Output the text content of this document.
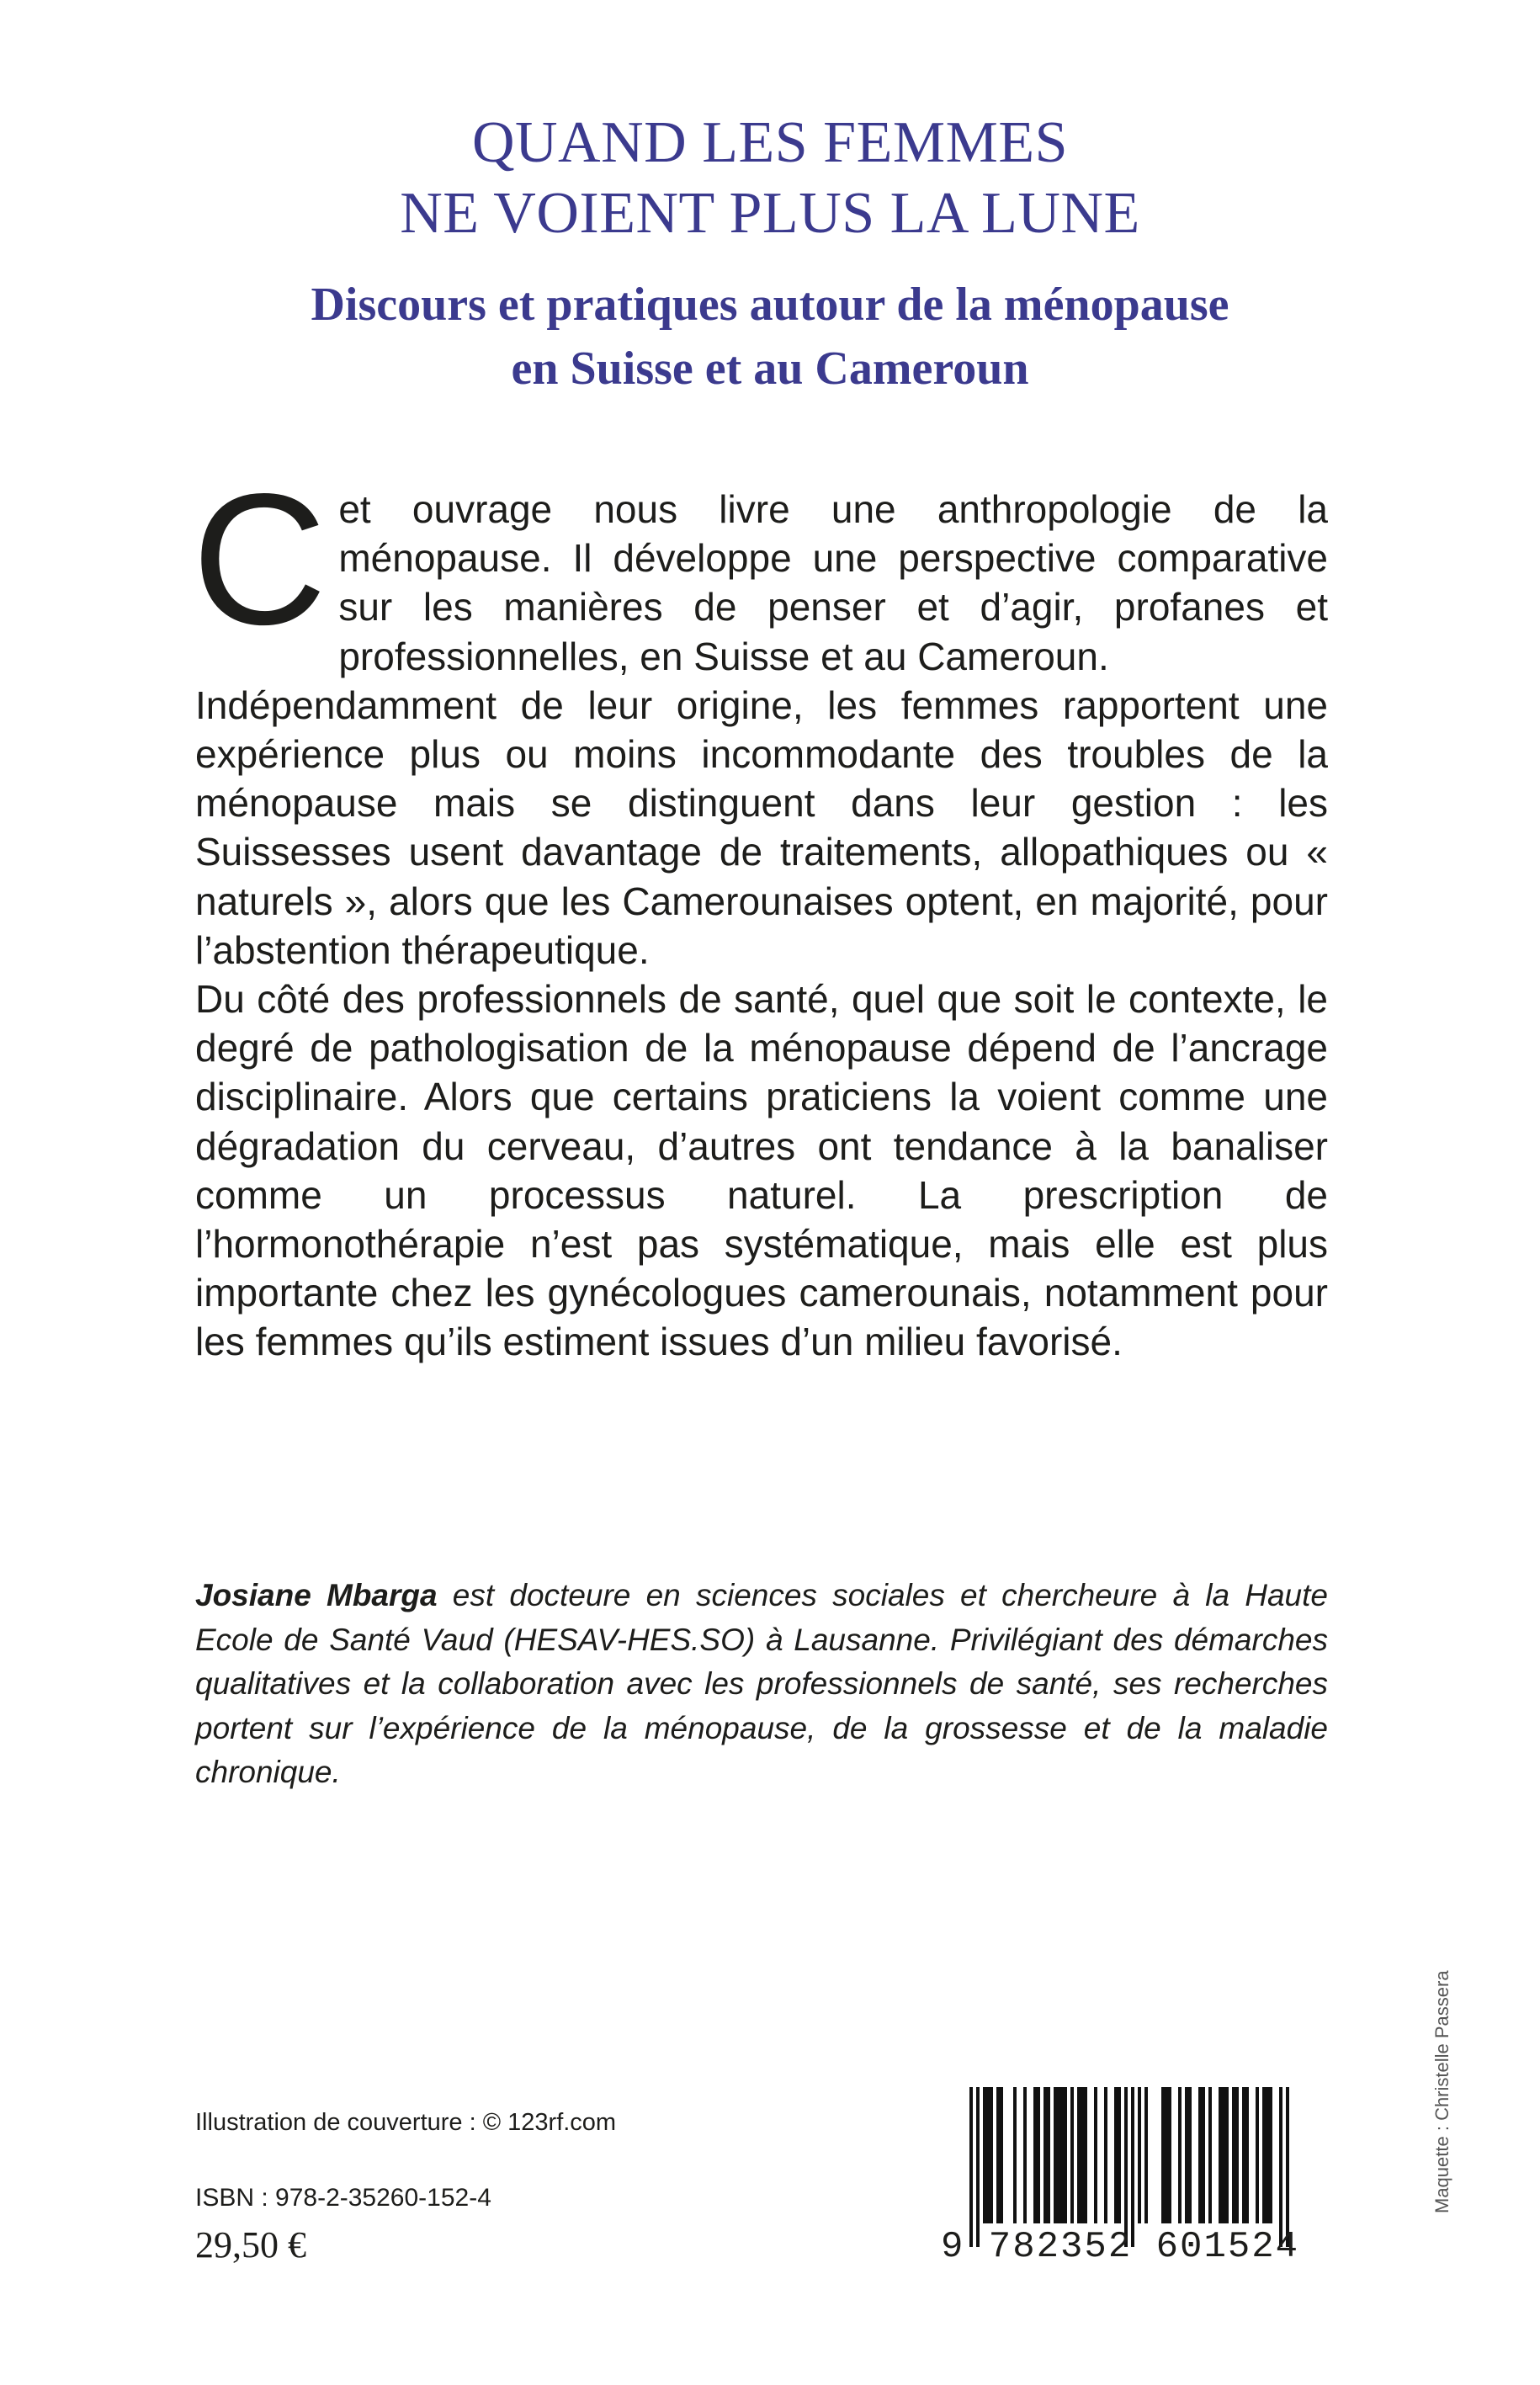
QUAND LES FEMMES
NE VOIENT PLUS LA LUNE
Discours et pratiques autour de la ménopause
en Suisse et au Cameroun

Cet ouvrage nous livre une anthropologie de la ménopause. Il développe une perspective comparative sur les manières de penser et d’agir, profanes et professionnelles, en Suisse et au Cameroun.

Indépendamment de leur origine, les femmes rapportent une expérience plus ou moins incommodante des troubles de la ménopause mais se distinguent dans leur gestion : les Suissesses usent davantage de traitements, allopathiques ou « naturels », alors que les Camerounaises optent, en majorité, pour l’abstention thérapeutique.

Du côté des professionnels de santé, quel que soit le contexte, le degré de pathologisation de la ménopause dépend de l’ancrage disciplinaire. Alors que certains praticiens la voient comme une dégradation du cerveau, d’autres ont tendance à la banaliser comme un processus naturel. La prescription de l’hormonothérapie n’est pas systématique, mais elle est plus importante chez les gynécologues camerounais, notamment pour les femmes qu’ils estiment issues d’un milieu favorisé.

Josiane Mbarga est docteure en sciences sociales et chercheure à la Haute Ecole de Santé Vaud (HESAV-HES.SO) à Lausanne. Privilégiant des démarches qualitatives et la collaboration avec les professionnels de santé, ses recherches portent sur l’expérience de la ménopause, de la grossesse et de la maladie chronique.

Illustration de couverture : © 123rf.com
ISBN : 978-2-35260-152-4
29,50 €	9 782352 601524
Maquette : Christelle Passera
